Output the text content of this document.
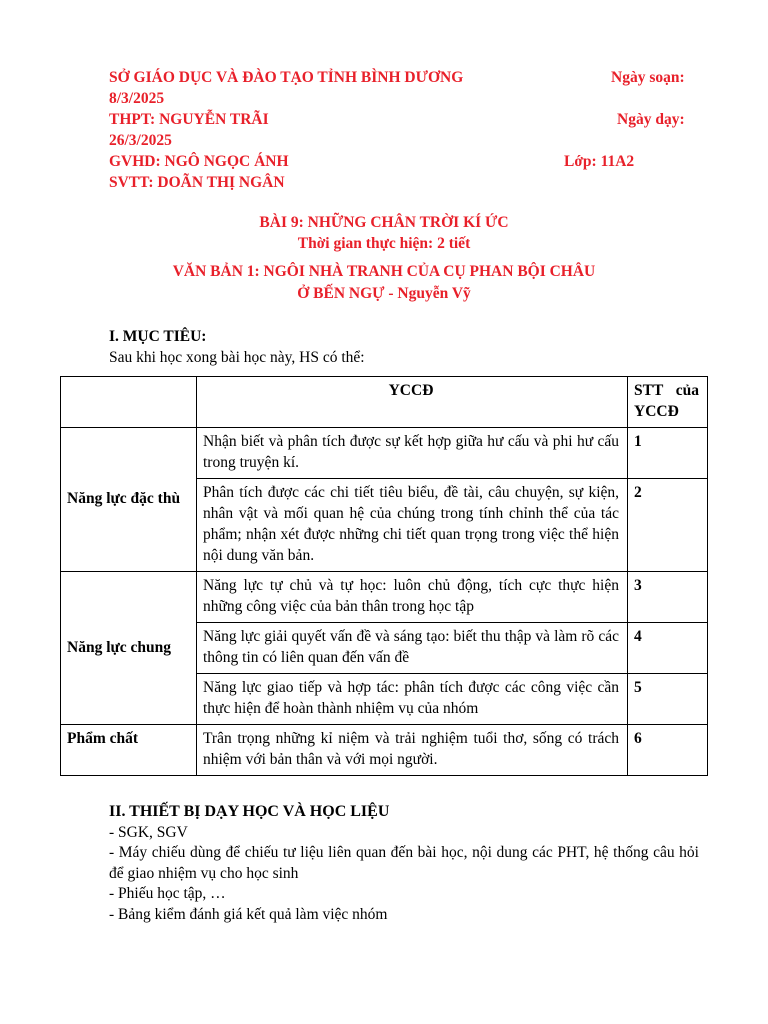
SỞ GIÁO DỤC VÀ ĐÀO TẠO TỈNH BÌNH DƯƠNG	Ngày soạn:
8/3/2025
THPT: NGUYỄN TRÃI	Ngày dạy:
26/3/2025
GVHD: NGÔ NGỌC ÁNH	Lớp: 11A2
SVTT: DOÃN THỊ NGÂN
BÀI 9: NHỮNG CHÂN TRỜI KÍ ỨC
Thời gian thực hiện: 2 tiết
VĂN BẢN 1: NGÔI NHÀ TRANH CỦA CỤ PHAN BỘI CHÂU
Ở BẾN NGỰ - Nguyễn Vỹ
I. MỤC TIÊU:
Sau khi học xong bài học này, HS có thể:
	YCCĐ	STT của YCCĐ
Năng lực đặc thù	Nhận biết và phân tích được sự kết hợp giữa hư cấu và phi hư cấu trong truyện kí.	1
	Phân tích được các chi tiết tiêu biểu, đề tài, câu chuyện, sự kiện, nhân vật và mối quan hệ của chúng trong tính chỉnh thể của tác phẩm; nhận xét được những chi tiết quan trọng trong việc thể hiện nội dung văn bản.	2
Năng lực chung	Năng lực tự chủ và tự học: luôn chủ động, tích cực thực hiện những công việc của bản thân trong học tập	3
	Năng lực giải quyết vấn đề và sáng tạo: biết thu thập và làm rõ các thông tin có liên quan đến vấn đề	4
	Năng lực giao tiếp và hợp tác: phân tích được các công việc cần thực hiện để hoàn thành nhiệm vụ của nhóm	5
Phẩm chất	Trân trọng những kỉ niệm và trải nghiệm tuổi thơ, sống có trách nhiệm với bản thân và với mọi người.	6
II. THIẾT BỊ DẠY HỌC VÀ HỌC LIỆU
- SGK, SGV
- Máy chiếu dùng để chiếu tư liệu liên quan đến bài học, nội dung các PHT, hệ thống câu hỏi để giao nhiệm vụ cho học sinh
- Phiếu học tập, …
- Bảng kiểm đánh giá kết quả làm việc nhóm
